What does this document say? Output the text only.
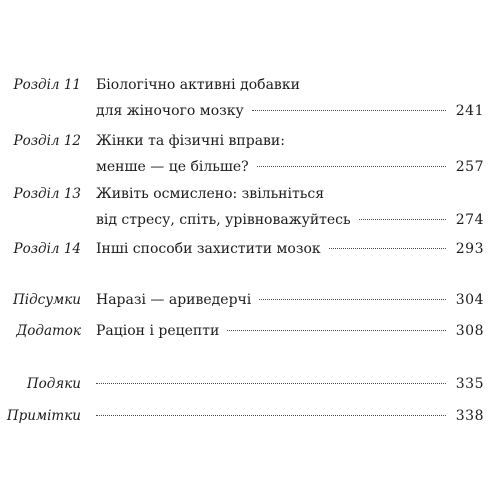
Розділ 11 Біологічно активні добавки
для жіночого мозку	241
Розділ 12 Жінки та фізичні вправи:
менше — це більше?	257
Розділ 13 Живіть осмислено: звільніться
від стресу, спіть, урівноважуйтесь	274
Розділ 14 Інші способи захистити мозок	293
Підсумки Наразі — ариведерчі	304
Додаток Раціон і рецепти	308
Подяки	335
Примітки	338
